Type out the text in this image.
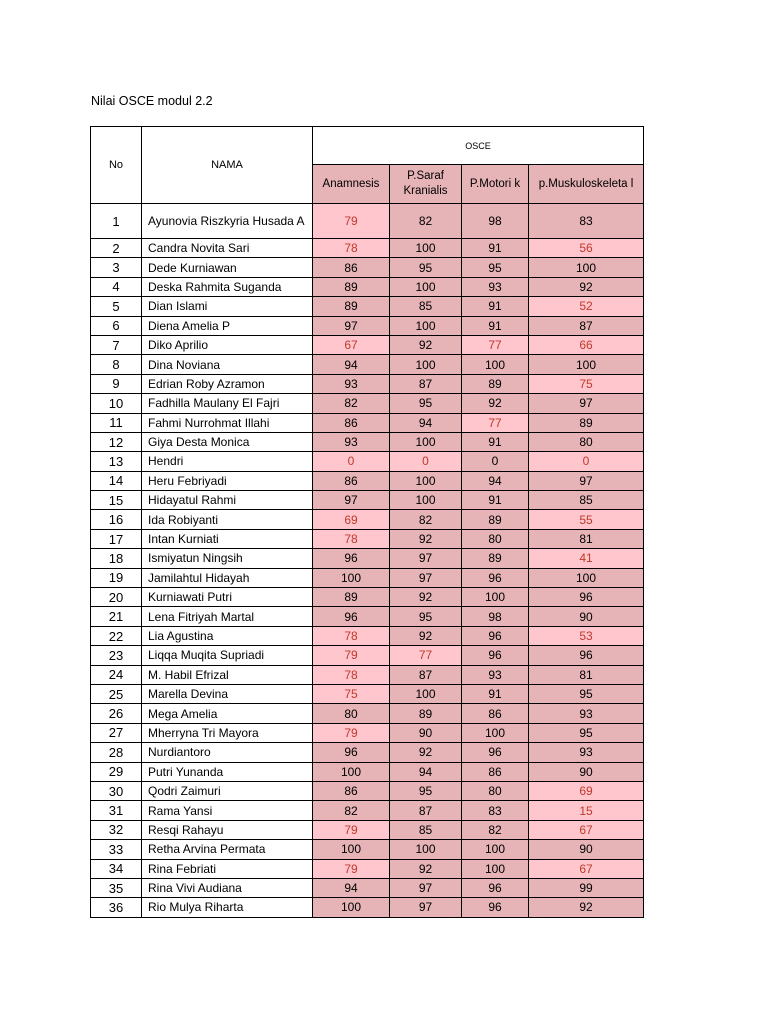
Nilai OSCE modul 2.2
No	NAMA	OSCE			
		Anamnesis	P.Saraf Kranialis	P.Motori k	p.Muskuloskeleta l
1	Ayunovia Riszkyria Husada A	79	82	98	83
2	Candra Novita Sari	78	100	91	56
3	Dede Kurniawan	86	95	95	100
4	Deska Rahmita Suganda	89	100	93	92
5	Dian Islami	89	85	91	52
6	Diena Amelia P	97	100	91	87
7	Diko Aprilio	67	92	77	66
8	Dina Noviana	94	100	100	100
9	Edrian Roby Azramon	93	87	89	75
10	Fadhilla Maulany El Fajri	82	95	92	97
11	Fahmi Nurrohmat Illahi	86	94	77	89
12	Giya Desta Monica	93	100	91	80
13	Hendri	0	0	0	0
14	Heru Febriyadi	86	100	94	97
15	Hidayatul Rahmi	97	100	91	85
16	Ida Robiyanti	69	82	89	55
17	Intan Kurniati	78	92	80	81
18	Ismiyatun Ningsih	96	97	89	41
19	Jamilahtul Hidayah	100	97	96	100
20	Kurniawati Putri	89	92	100	96
21	Lena Fitriyah Martal	96	95	98	90
22	Lia Agustina	78	92	96	53
23	Liqqa Muqita Supriadi	79	77	96	96
24	M. Habil Efrizal	78	87	93	81
25	Marella Devina	75	100	91	95
26	Mega Amelia	80	89	86	93
27	Mherryna Tri Mayora	79	90	100	95
28	Nurdiantoro	96	92	96	93
29	Putri Yunanda	100	94	86	90
30	Qodri Zaimuri	86	95	80	69
31	Rama Yansi	82	87	83	15
32	Resqi Rahayu	79	85	82	67
33	Retha Arvina Permata	100	100	100	90
34	Rina Febriati	79	92	100	67
35	Rina Vivi Audiana	94	97	96	99
36	Rio Mulya Riharta	100	97	96	92
